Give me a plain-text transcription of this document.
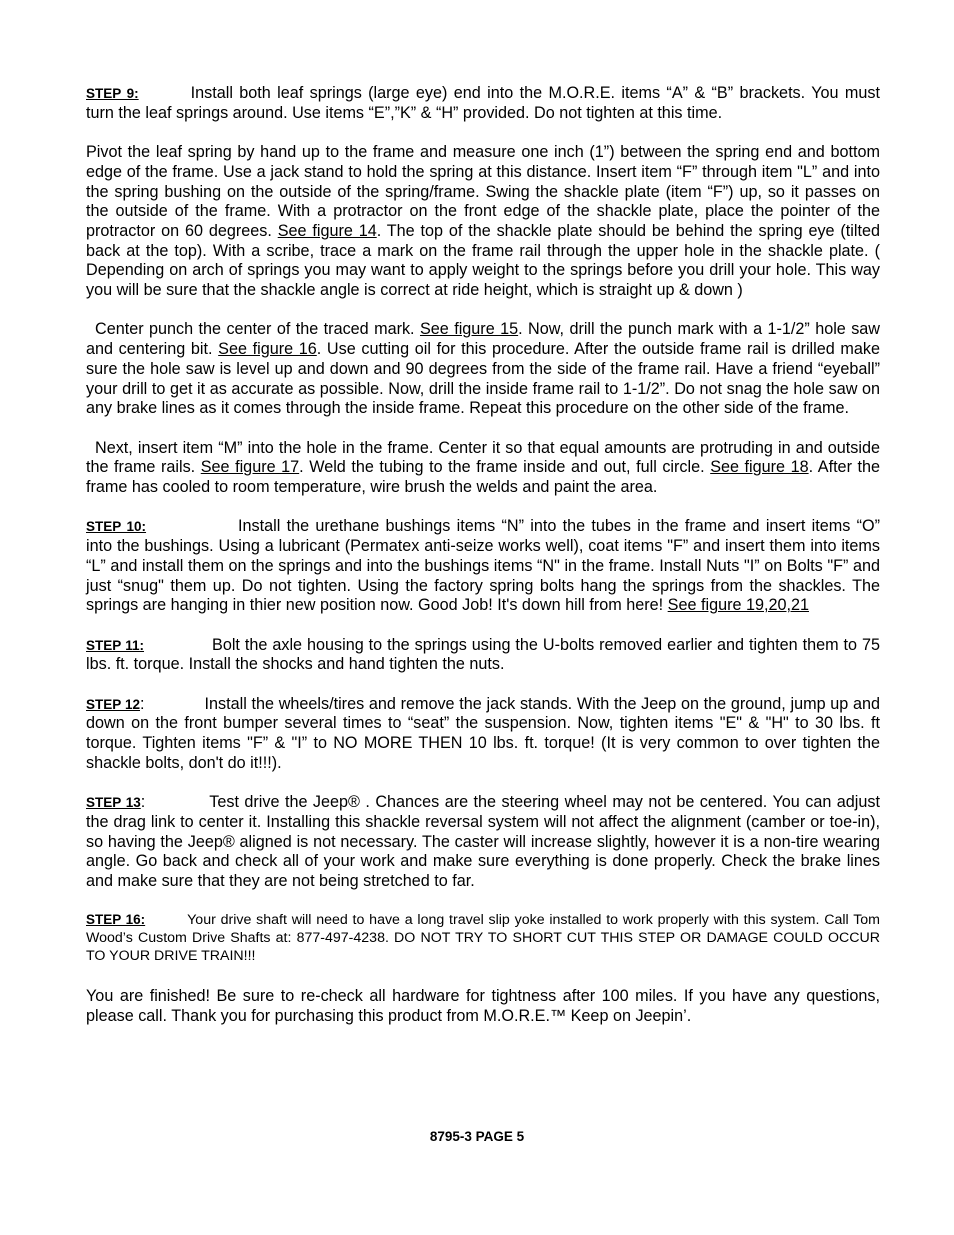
STEP 9:	Install both leaf springs (large eye) end into the M.O.R.E. items “A” & “B” brackets. You must turn the leaf springs around. Use items “E”,”K” & “H” provided. Do not tighten at this time.

Pivot the leaf spring by hand up to the frame and measure one inch (1”) between the spring end and bottom edge of the frame. Use a jack stand to hold the spring at this distance. Insert item “F” through item "L” and into the spring bushing on the outside of the spring/frame. Swing the shackle plate (item “F”) up, so it passes on the outside of the frame. With a protractor on the front edge of the shackle plate, place the pointer of the protractor on 60 degrees. See figure 14. The top of the shackle plate should be behind the spring eye (tilted back at the top). With a scribe, trace a mark on the frame rail through the upper hole in the shackle plate. ( Depending on arch of springs you may want to apply weight to the springs before you drill your hole. This way you will be sure that the shackle angle is correct at ride height, which is straight up & down )

Center punch the center of the traced mark. See figure 15. Now, drill the punch mark with a 1-1/2” hole saw and centering bit. See figure 16. Use cutting oil for this procedure. After the outside frame rail is drilled make sure the hole saw is level up and down and 90 degrees from the side of the frame rail. Have a friend “eyeball” your drill to get it as accurate as possible. Now, drill the inside frame rail to 1-1/2”. Do not snag the hole saw on any brake lines as it comes through the inside frame. Repeat this procedure on the other side of the frame.

Next, insert item “M” into the hole in the frame. Center it so that equal amounts are protruding in and outside the frame rails. See figure 17. Weld the tubing to the frame inside and out, full circle. See figure 18. After the frame has cooled to room temperature, wire brush the welds and paint the area.

STEP 10:	Install the urethane bushings items “N” into the tubes in the frame and insert items “O” into the bushings. Using a lubricant (Permatex anti-seize works well), coat items "F” and insert them into items “L” and install them on the springs and into the bushings items “N" in the frame. Install Nuts "I” on Bolts "F” and just “snug" them up. Do not tighten. Using the factory spring bolts hang the springs from the shackles. The springs are hanging in thier new position now. Good Job! It's down hill from here! See figure 19,20,21

STEP 11:	Bolt the axle housing to the springs using the U-bolts removed earlier and tighten them to 75 lbs. ft. torque. Install the shocks and hand tighten the nuts.

STEP 12:	Install the wheels/tires and remove the jack stands. With the Jeep on the ground, jump up and down on the front bumper several times to “seat” the suspension. Now, tighten items "E" & "H" to 30 lbs. ft torque. Tighten items "F” & "I” to NO MORE THEN 10 lbs. ft. torque! (It is very common to over tighten the shackle bolts, don't do it!!!).

STEP 13:	Test drive the Jeep® . Chances are the steering wheel may not be centered. You can adjust the drag link to center it. Installing this shackle reversal system will not affect the alignment (camber or toe-in), so having the Jeep® aligned is not necessary. The caster will increase slightly, however it is a non-tire wearing angle. Go back and check all of your work and make sure everything is done properly. Check the brake lines and make sure that they are not being stretched to far.

STEP 16:	Your drive shaft will need to have a long travel slip yoke installed to work properly with this system. Call Tom Wood’s Custom Drive Shafts at: 877-497-4238. DO NOT TRY TO SHORT CUT THIS STEP OR DAMAGE COULD OCCUR TO YOUR DRIVE TRAIN!!!

You are finished! Be sure to re-check all hardware for tightness after 100 miles. If you have any questions, please call. Thank you for purchasing this product from M.O.R.E.™ Keep on Jeepin’.

8795-3 PAGE 5
